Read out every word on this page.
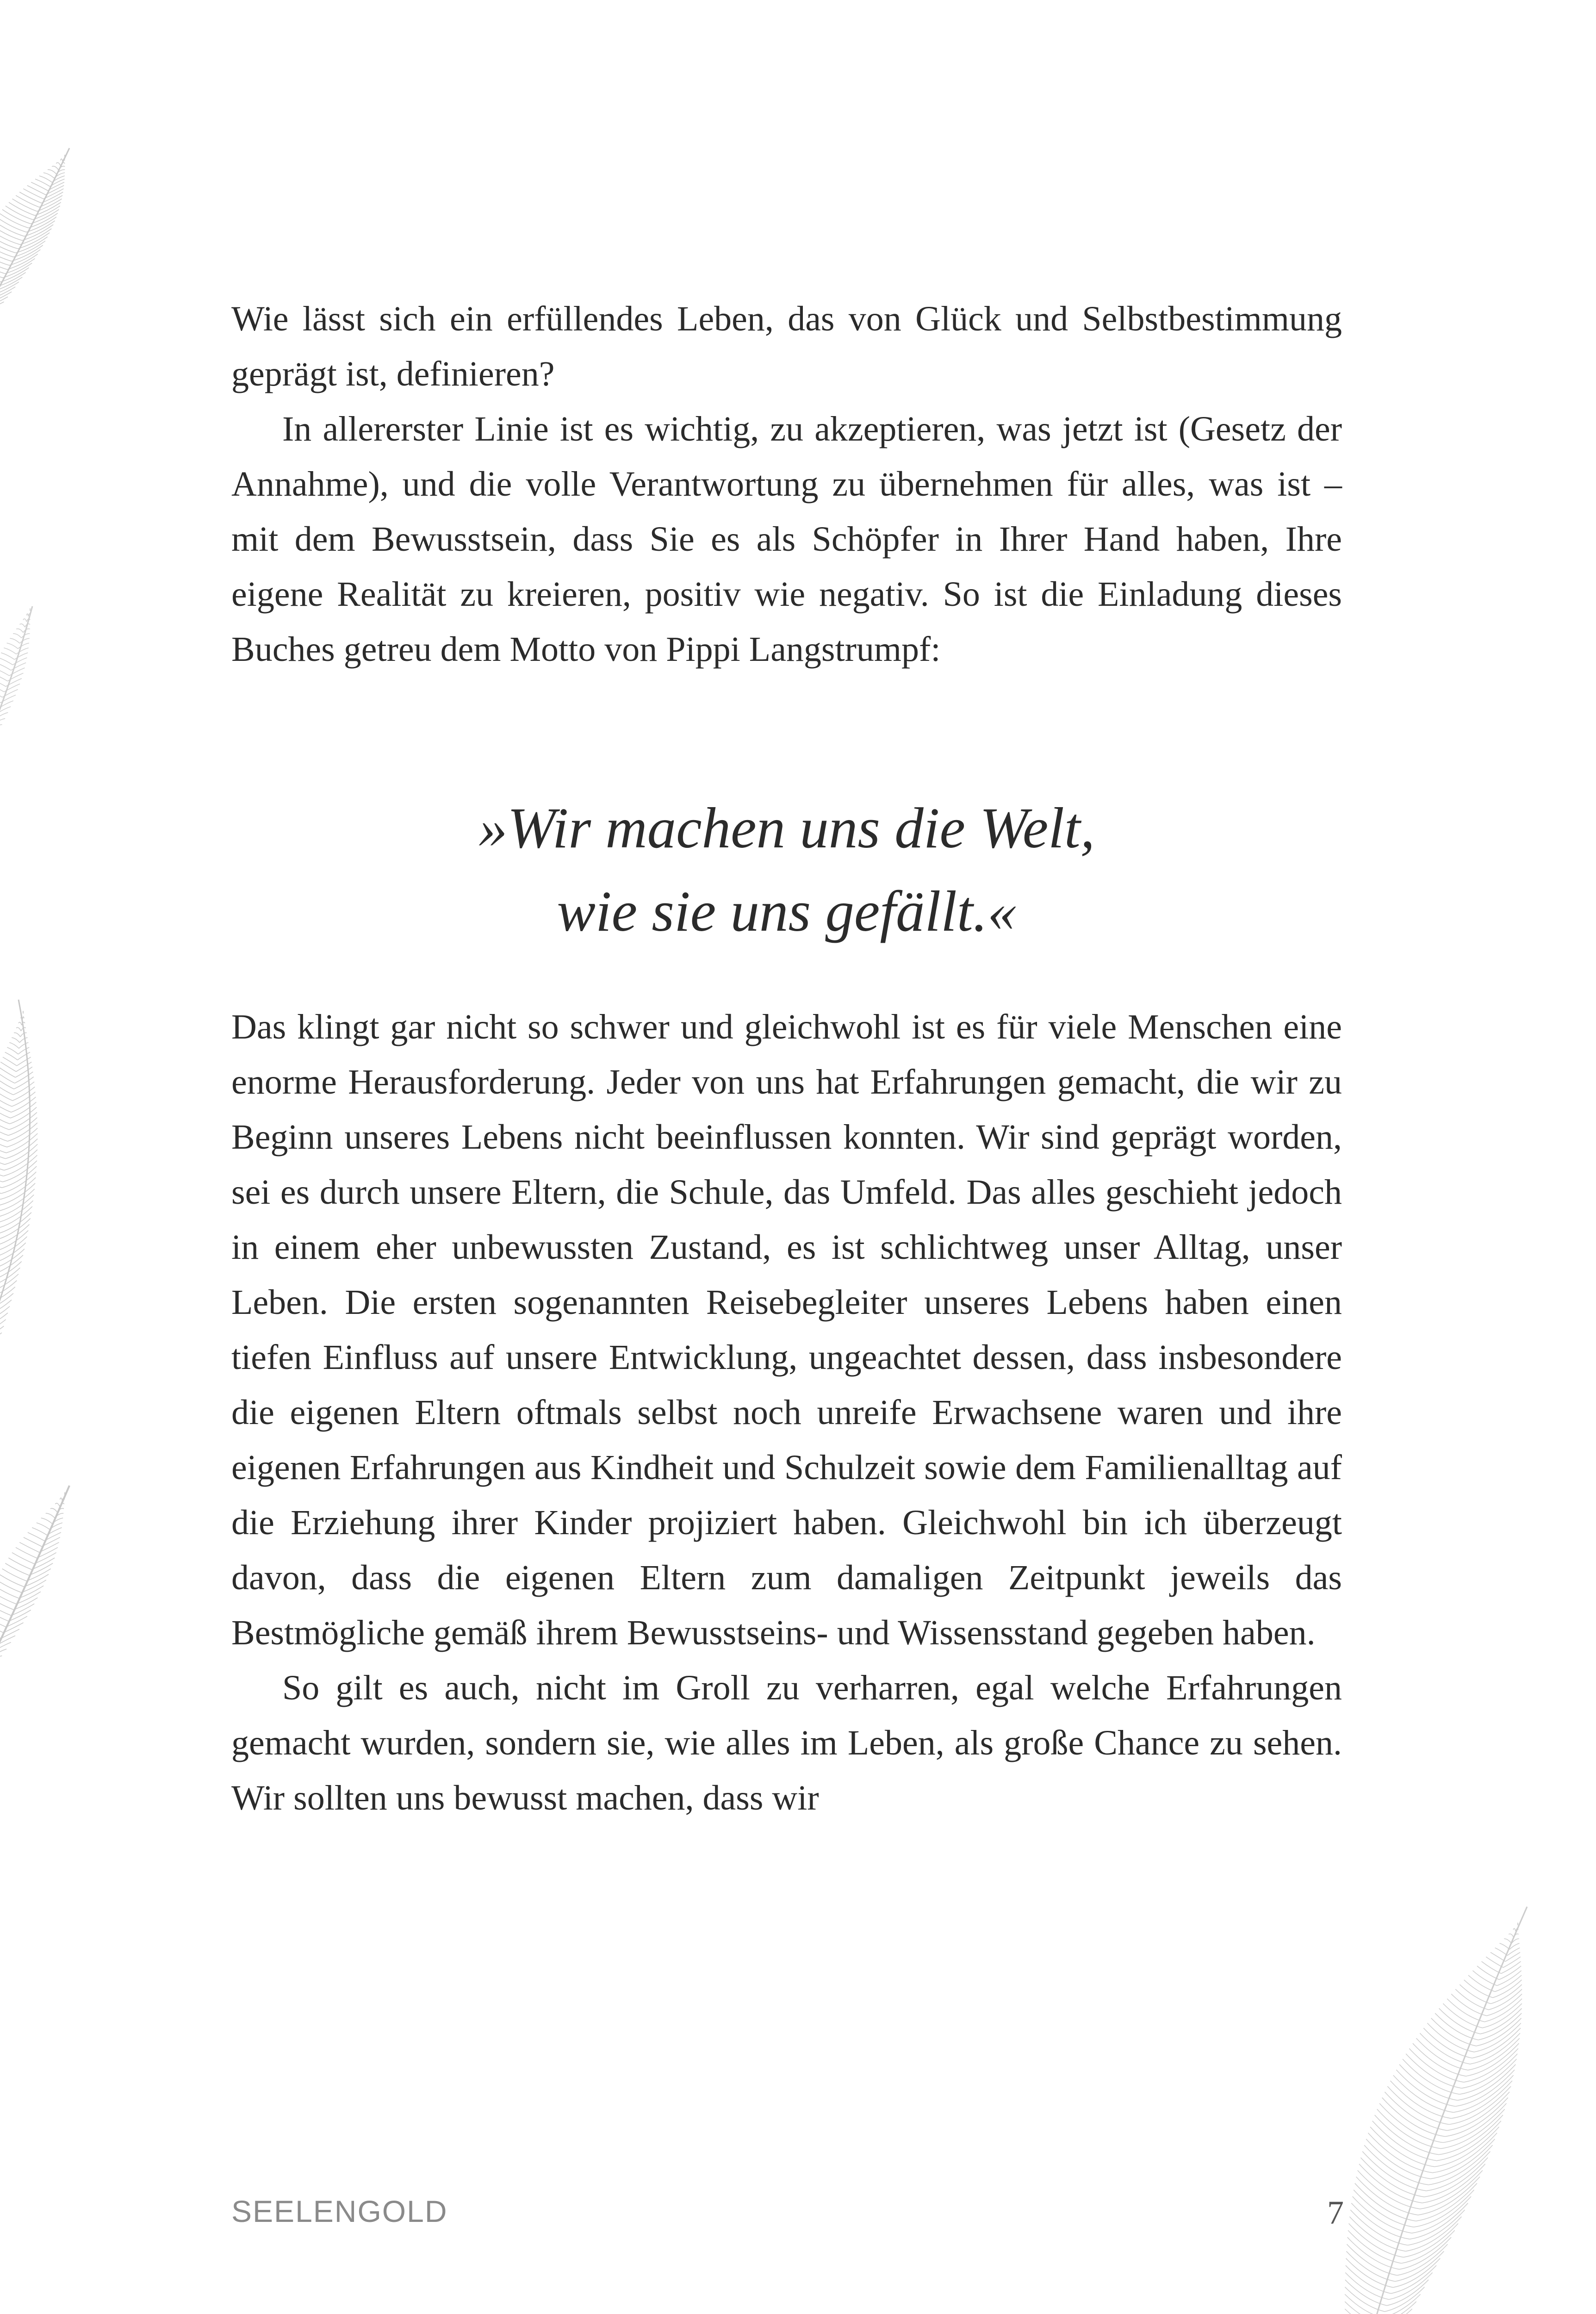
Wie lässt sich ein erfüllendes Leben, das von Glück und Selbstbestimmung geprägt ist, definieren?

In allererster Linie ist es wichtig, zu akzeptieren, was jetzt ist (Gesetz der Annahme), und die volle Verantwortung zu übernehmen für alles, was ist – mit dem Bewusstsein, dass Sie es als Schöpfer in Ihrer Hand haben, Ihre eigene Realität zu kreieren, positiv wie negativ. So ist die Einladung dieses Buches getreu dem Motto von Pippi Langstrumpf:

»Wir machen uns die Welt,
wie sie uns gefällt.«

Das klingt gar nicht so schwer und gleichwohl ist es für viele Menschen eine enorme Herausforderung. Jeder von uns hat Erfahrungen gemacht, die wir zu Beginn unseres Lebens nicht beeinflussen konnten. Wir sind geprägt worden, sei es durch unsere Eltern, die Schule, das Umfeld. Das alles geschieht jedoch in einem eher unbewussten Zustand, es ist schlichtweg unser Alltag, unser Leben. Die ersten sogenannten Reisebegleiter unseres Lebens haben einen tiefen Einfluss auf unsere Entwicklung, ungeachtet dessen, dass insbesondere die eigenen Eltern oftmals selbst noch unreife Erwachsene waren und ihre eigenen Erfahrungen aus Kindheit und Schulzeit sowie dem Familienalltag auf die Erziehung ihrer Kinder projiziert haben. Gleichwohl bin ich überzeugt davon, dass die eigenen Eltern zum damaligen Zeitpunkt jeweils das Bestmögliche gemäß ihrem Bewusstseins- und Wissensstand gegeben haben.

So gilt es auch, nicht im Groll zu verharren, egal welche Erfahrungen gemacht wurden, sondern sie, wie alles im Leben, als große Chance zu sehen. Wir sollten uns bewusst machen, dass wir

SEELENGOLD	7
